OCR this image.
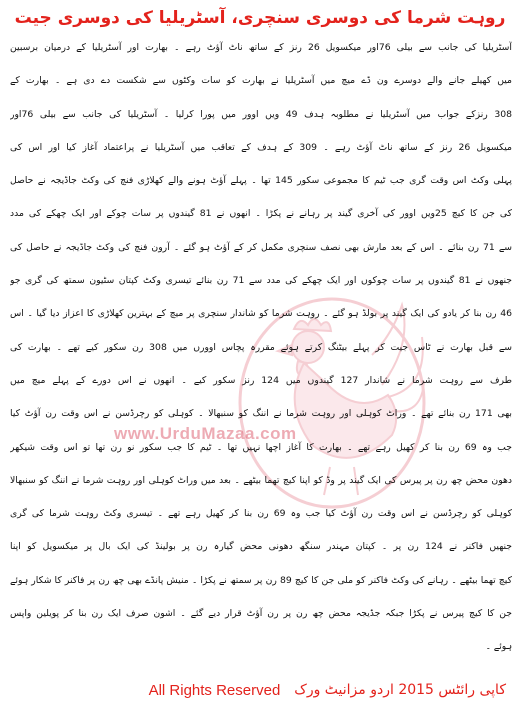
روہت شرما کی دوسری سنچری، آسٹریلیا کی دوسری جیت
www.UrduMazaa.com
آسٹریلیا کی جانب سے بیلی 76اور میکسویل 26 رنز کے ساتھ ناٹ آؤٹ رہے ۔ بھارت اور آسٹریلیا کے درمیان برسبین
میں کھیلے جانے والے دوسرے ون ڈے میچ میں آسٹریلیا نے بھارت کو سات وکٹوں سے شکست دے دی ہے ۔ بھارت کے
308 رنزکے جواب میں آسٹریلیا نے مطلوبہ ہدف 49 ویں اوور میں پورا کرلیا ۔ آسٹریلیا کی جانب سے بیلی 76اور
میکسویل 26 رنز کے ساتھ ناٹ آؤٹ رہے ۔ 309 کے ہدف کے تعاقب میں آسٹریلیا نے پراعتماد آغاز کیا اور اس کی
پہلی وکٹ اس وقت گری جب ٹیم کا مجموعی سکور 145 تھا ۔ پہلے آؤٹ ہونے والے کھلاڑی فنچ کی وکٹ جاڈیجہ نے حاصل
کی جن کا کیچ 25ویں اوور کی آخری گیند پر رہانے نے پکڑا ۔ انھوں نے 81 گیندوں پر سات چوکے اور ایک چھکے کی مدد
سے 71 رن بنائے ۔ اس کے بعد مارش بھی نصف سنچری مکمل کر کے آؤٹ ہو گئے ۔ آرون فنچ کی وکٹ جاڈیجہ نے حاصل کی
جنھوں نے 81 گیندوں پر سات چوکوں اور ایک چھکے کی مدد سے 71 رن بنائے تیسری وکٹ کپتان سٹیون سمتھ کی گری جو
46 رن بنا کر یادو کی ایک گیند پر بولڈ ہو گئے ۔ روہت شرما کو شاندار سنچری پر میچ کے بہترین کھلاڑی کا اعزاز دیا گیا ۔ اس
سے قبل بھارت نے ٹاس جیت کر پہلے بیٹنگ کرتے ہوئے مقررہ پچاس اوورں میں 308 رن سکور کیے تھے ۔ بھارت کی
طرف سے روہت شرما نے شاندار 127 گیندوں میں 124 رنز سکور کیے ۔ انھوں نے اس دورے کے پہلے میچ میں
بھی 171 رن بنائے تھے ۔ وراٹ کوہلی اور روہت شرما نے اننگ کو سنبھالا ۔ کوہلی کو رچرڈسن نے اس وقت رن آؤٹ کیا
جب وہ 69 رن بنا کر کھیل رہے تھے ۔ بھارت کا آغاز اچھا نہیں تھا ۔ ٹیم کا جب سکور نو رن تھا تو اس وقت شیکھر
دھون محض چھ رن پر پیرس کی ایک گیند پر وڈ کو اپنا کیچ تھما بیٹھے ۔ بعد میں وراٹ کوہلی اور روہت شرما نے اننگ کو سنبھالا
کوہلی کو رچرڈسن نے اس وقت رن آؤٹ کیا جب وہ 69 رن بنا کر کھیل رہے تھے ۔ تیسری وکٹ روہت شرما کی گری
جنھیں فاکنر نے 124 رن پر ۔ کپتان مہندر سنگھ دھونی محض گیارہ رن پر بولینڈ کی ایک بال پر میکسویل کو اپنا
کیچ تھما بیٹھے ۔ رہانے کی وکٹ فاکنر کو ملی جن کا کیچ 89 رن پر سمتھ نے پکڑا ۔ منیش پانڈے بھی چھ رن پر فاکنر کا شکار ہوئے
جن کا کیچ پیرس نے پکڑا جبکہ جڈیجہ محض چھ رن پر رن آؤٹ قرار دیے گئے ۔ اشون صرف ایک رن بنا کر پویلین واپس
ہوئے ۔
کاپی رائٹس 2015 اردو مزانیٹ ورک
All Rights Reserved
